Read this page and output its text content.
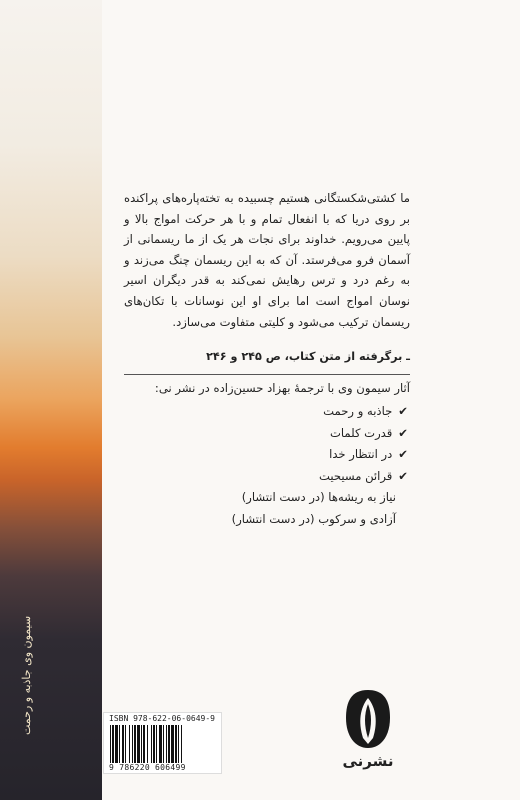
سیمون وی جاذبه و رحمت
ما کشتی‌شکستگانی هستیم چسبیده به تخته‌پاره‌های پراکنده بر روی دریا که با انفعال تمام و با هر حرکت امواج بالا و پایین می‌رویم. خداوند برای نجات هر یک از ما ریسمانی از آسمان فرو می‌فرستد. آن که به این ریسمان چنگ می‌زند و به رغم درد و ترس رهایش نمی‌کند به قدر دیگران اسیر نوسان امواج است اما برای او این نوسانات با تکان‌های ریسمان ترکیب می‌شود و کلیتی متفاوت می‌سازد.
ـ برگرفته از متن کتاب، ص ۲۴۵ و ۲۴۶
آثار سیمون وی با ترجمهٔ بهزاد حسین‌زاده در نشر نی:
✔ جاذبه و رحمت
✔ قدرت کلمات
✔ در انتظار خدا
✔ قرائن مسیحیت
نیاز به ریشه‌ها (در دست انتشار)
آزادی و سرکوب (در دست انتشار)
ISBN 978-622-06-0649-9
9 786220 606499	نشرنی
